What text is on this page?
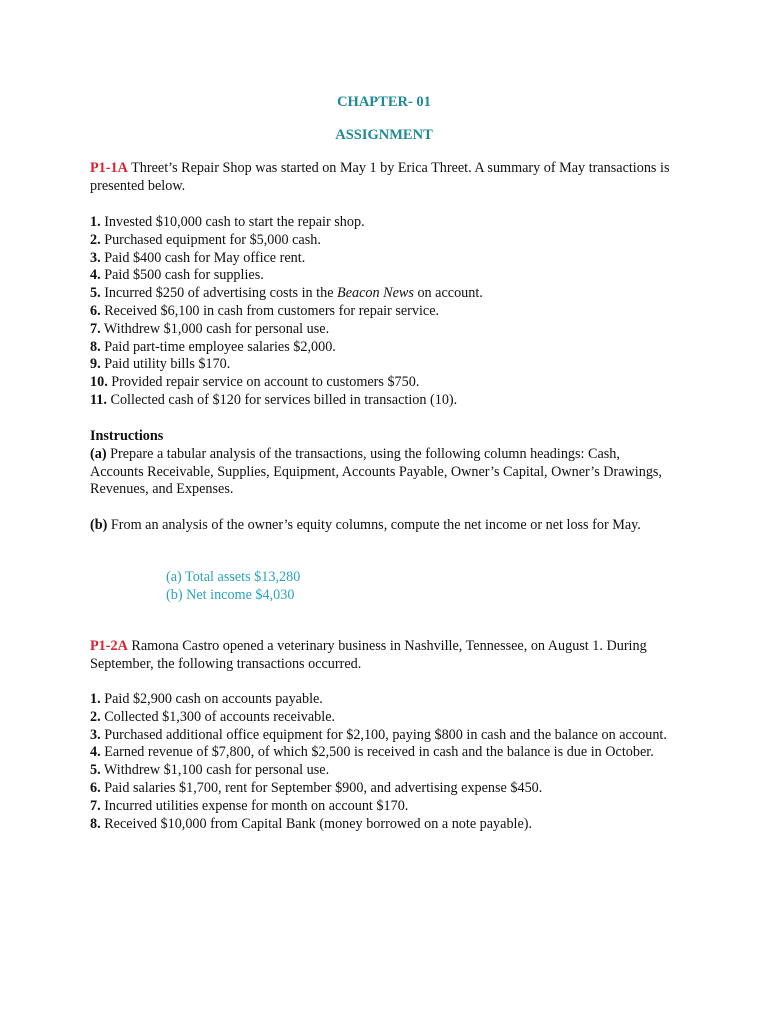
CHAPTER- 01
ASSIGNMENT

P1-1A Threet’s Repair Shop was started on May 1 by Erica Threet. A summary of May transactions is presented below.

1. Invested $10,000 cash to start the repair shop.

2. Purchased equipment for $5,000 cash.

3. Paid $400 cash for May office rent.

4. Paid $500 cash for supplies.

5. Incurred $250 of advertising costs in the Beacon News on account.

6. Received $6,100 in cash from customers for repair service.

7. Withdrew $1,000 cash for personal use.

8. Paid part-time employee salaries $2,000.

9. Paid utility bills $170.

10. Provided repair service on account to customers $750.

11. Collected cash of $120 for services billed in transaction (10).

Instructions

(a) Prepare a tabular analysis of the transactions, using the following column headings: Cash, Accounts Receivable, Supplies, Equipment, Accounts Payable, Owner’s Capital, Owner’s Drawings, Revenues, and Expenses.

(b) From an analysis of the owner’s equity columns, compute the net income or net loss for May.

(a) Total assets $13,280

(b) Net income $4,030

P1-2A Ramona Castro opened a veterinary business in Nashville, Tennessee, on August 1. During September, the following transactions occurred.

1. Paid $2,900 cash on accounts payable.

2. Collected $1,300 of accounts receivable.

3. Purchased additional office equipment for $2,100, paying $800 in cash and the balance on account.

4. Earned revenue of $7,800, of which $2,500 is received in cash and the balance is due in October.

5. Withdrew $1,100 cash for personal use.

6. Paid salaries $1,700, rent for September $900, and advertising expense $450.

7. Incurred utilities expense for month on account $170.

8. Received $10,000 from Capital Bank (money borrowed on a note payable).
